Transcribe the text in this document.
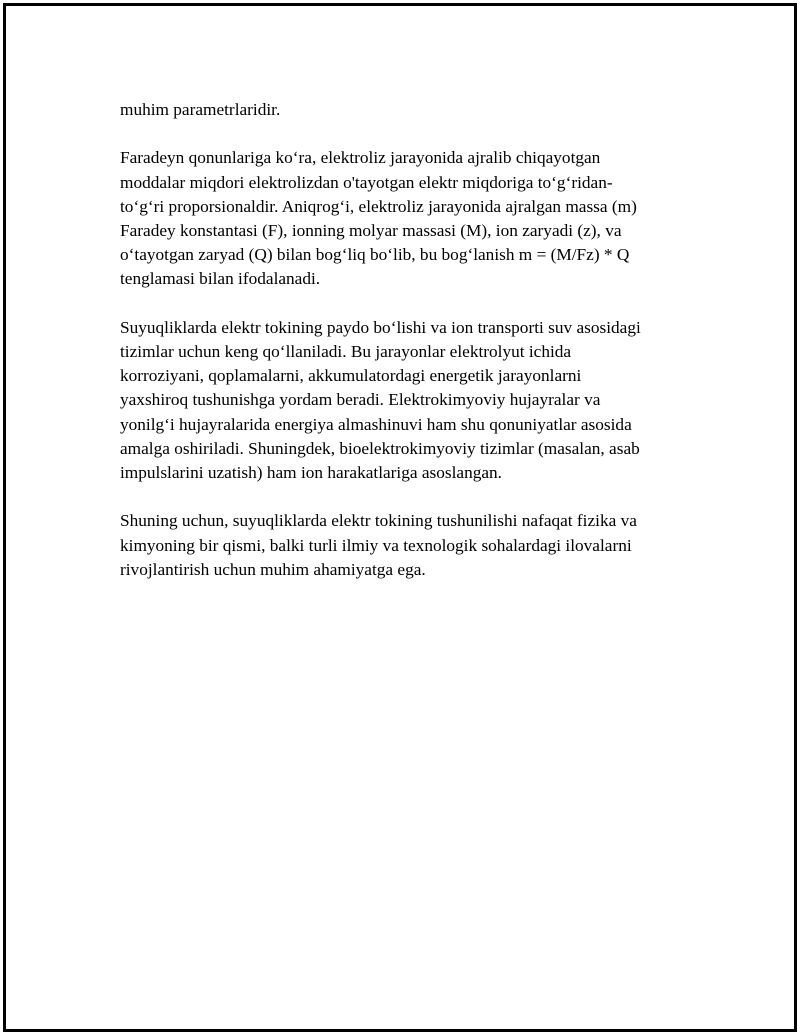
muhim parametrlaridir.

Faradeyn qonunlariga ko‘ra, elektroliz jarayonida ajralib chiqayotgan
moddalar miqdori elektrolizdan o'tayotgan elektr miqdoriga to‘g‘ridan-
to‘g‘ri proporsionaldir. Aniqrog‘i, elektroliz jarayonida ajralgan massa (m)
Faradey konstantasi (F), ionning molyar massasi (M), ion zaryadi (z), va
o‘tayotgan zaryad (Q) bilan bog‘liq bo‘lib, bu bog‘lanish m = (M/Fz) * Q
tenglamasi bilan ifodalanadi.

Suyuqliklarda elektr tokining paydo bo‘lishi va ion transporti suv asosidagi
tizimlar uchun keng qo‘llaniladi. Bu jarayonlar elektrolyut ichida
korroziyani, qoplamalarni, akkumulatordagi energetik jarayonlarni
yaxshiroq tushunishga yordam beradi. Elektrokimyoviy hujayralar va
yonilg‘i hujayralarida energiya almashinuvi ham shu qonuniyatlar asosida
amalga oshiriladi. Shuningdek, bioelektrokimyoviy tizimlar (masalan, asab
impulslarini uzatish) ham ion harakatlariga asoslangan.

Shuning uchun, suyuqliklarda elektr tokining tushunilishi nafaqat fizika va
kimyoning bir qismi, balki turli ilmiy va texnologik sohalardagi ilovalarni
rivojlantirish uchun muhim ahamiyatga ega.
